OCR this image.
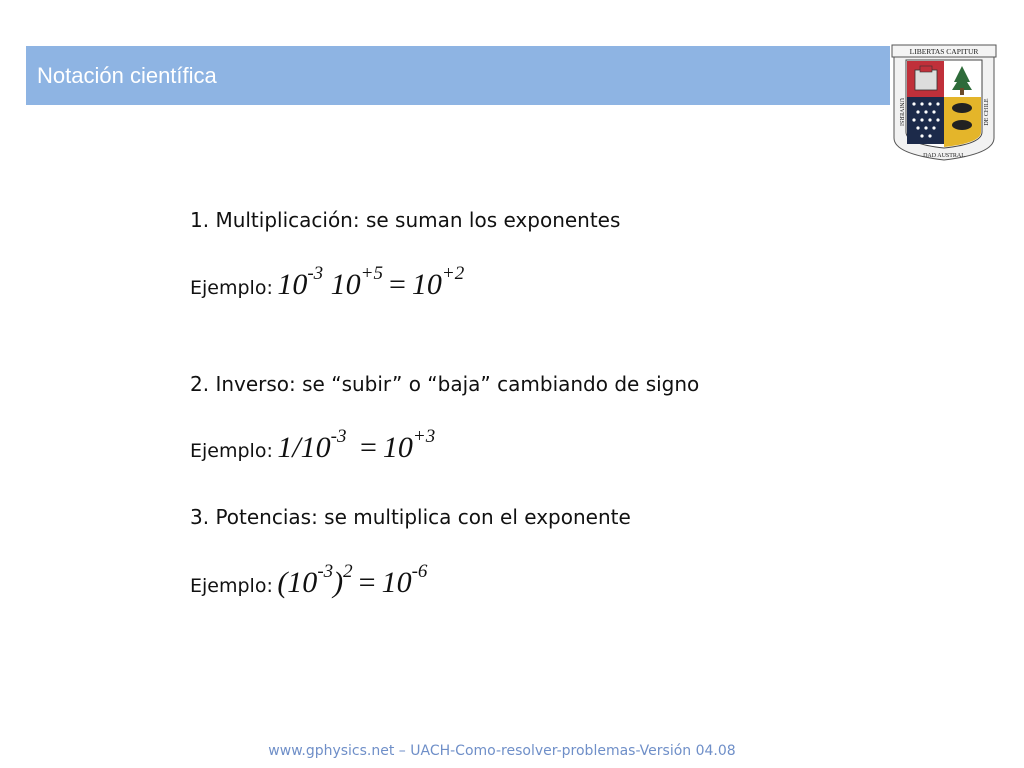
Notación científica
LIBERTAS CAPITUR
UNIVERSI	DE CHILE
DAD AUSTRAL
1. Multiplicación: se suman los exponentes
Ejemplo: $10^{-3}$ $10^{+5} = 10^{+2}$
2. Inverso: se “subir” o “baja” cambiando de signo
Ejemplo: $1/10^{-3} = 10^{+3}$
3. Potencias: se multiplica con el exponente
Ejemplo: $(10^{-3})^2 = 10^{-6}$
www.gphysics.net – UACH-Como-resolver-problemas-Versión 04.08
